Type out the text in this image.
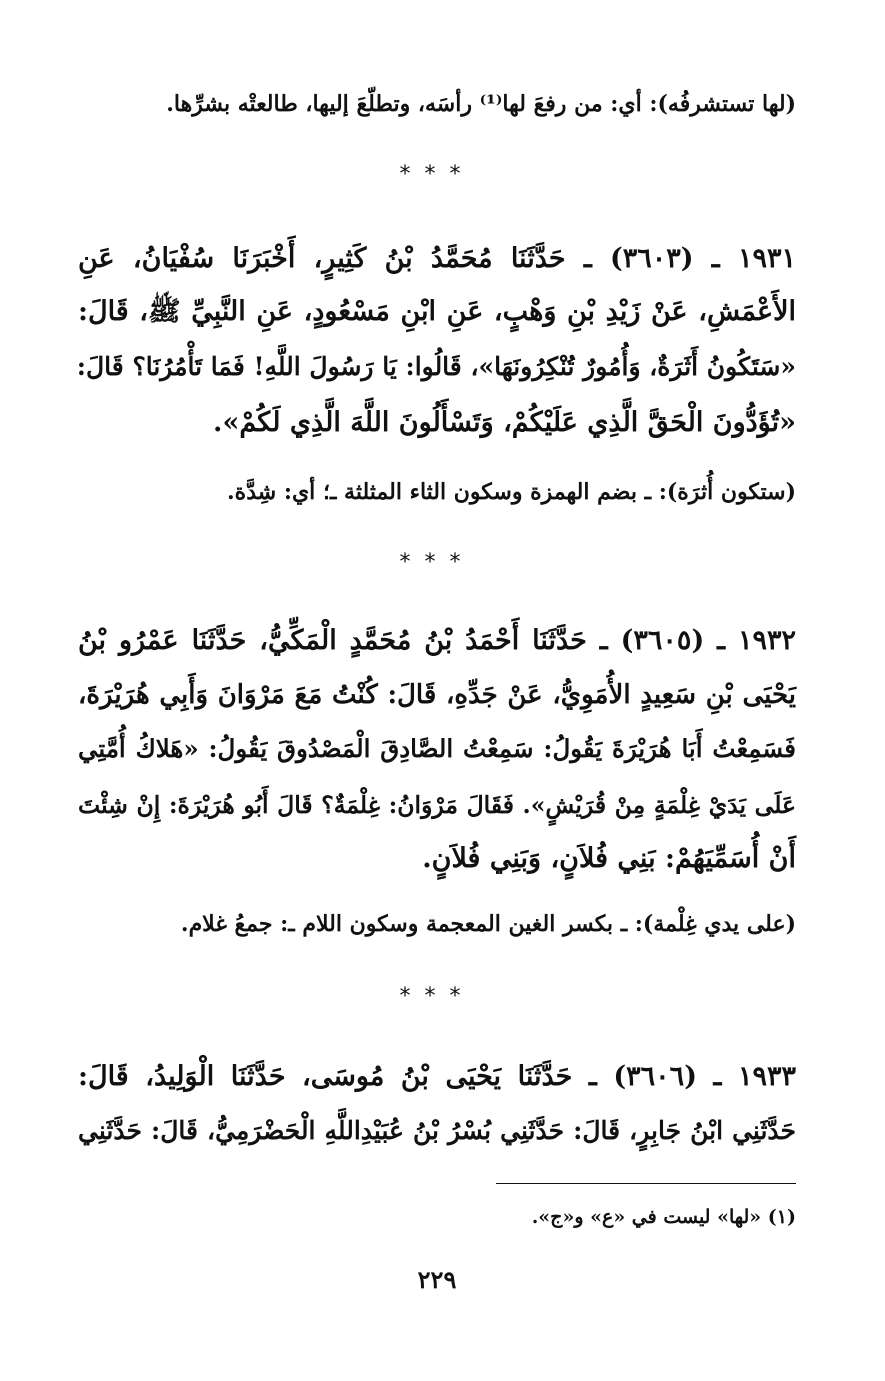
(لها تستشرفُه): أي: من رفعَ لها⁽¹⁾ رأسَه، وتطلّعَ إليها، طالعتْه بشرِّها.
***
١٩٣١ ـ (٣٦٠٣) ـ حَدَّثَنَا مُحَمَّدُ بْنُ كَثِيرٍ، أَخْبَرَنَا سُفْيَانُ، عَنِ
الأَعْمَشِ، عَنْ زَيْدِ بْنِ وَهْبٍ، عَنِ ابْنِ مَسْعُودٍ، عَنِ النَّبِيِّ ﷺ، قَالَ:
«سَتَكُونُ أَثَرَةٌ، وَأُمُورٌ تُنْكِرُونَهَا»، قَالُوا: يَا رَسُولَ اللَّهِ! فَمَا تَأْمُرُنَا؟ قَالَ:
«تُؤَدُّونَ الْحَقَّ الَّذِي عَلَيْكُمْ، وَتَسْأَلُونَ اللَّهَ الَّذِي لَكُمْ».
(ستكون أُثرَة): ـ بضم الهمزة وسكون الثاء المثلثة ـ؛ أي: شِدَّة.
***
١٩٣٢ ـ (٣٦٠٥) ـ حَدَّثَنَا أَحْمَدُ بْنُ مُحَمَّدٍ الْمَكِّيُّ، حَدَّثَنَا عَمْرُو بْنُ
يَحْيَى بْنِ سَعِيدٍ الأُمَوِيُّ، عَنْ جَدِّهِ، قَالَ: كُنْتُ مَعَ مَرْوَانَ وَأَبِي هُرَيْرَةَ،
فَسَمِعْتُ أَبَا هُرَيْرَةَ يَقُولُ: سَمِعْتُ الصَّادِقَ الْمَصْدُوقَ يَقُولُ: «هَلاكُ أُمَّتِي
عَلَى يَدَيْ غِلْمَةٍ مِنْ قُرَيْشٍ». فَقَالَ مَرْوَانُ: غِلْمَةٌ؟ قَالَ أَبُو هُرَيْرَةَ: إِنْ شِئْتَ
أَنْ أُسَمِّيَهُمْ: بَنِي فُلاَنٍ، وَبَنِي فُلاَنٍ.
(على يدي غِلْمة): ـ بكسر الغين المعجمة وسكون اللام ـ: جمعُ غلام.
***
١٩٣٣ ـ (٣٦٠٦) ـ حَدَّثَنَا يَحْيَى بْنُ مُوسَى، حَدَّثَنَا الْوَلِيدُ، قَالَ:
حَدَّثَنِي ابْنُ جَابِرٍ، قَالَ: حَدَّثَنِي بُسْرُ بْنُ عُبَيْدِاللَّهِ الْحَضْرَمِيُّ، قَالَ: حَدَّثَنِي
(١) «لها» ليست في «ع» و«ج».
٢٢٩
